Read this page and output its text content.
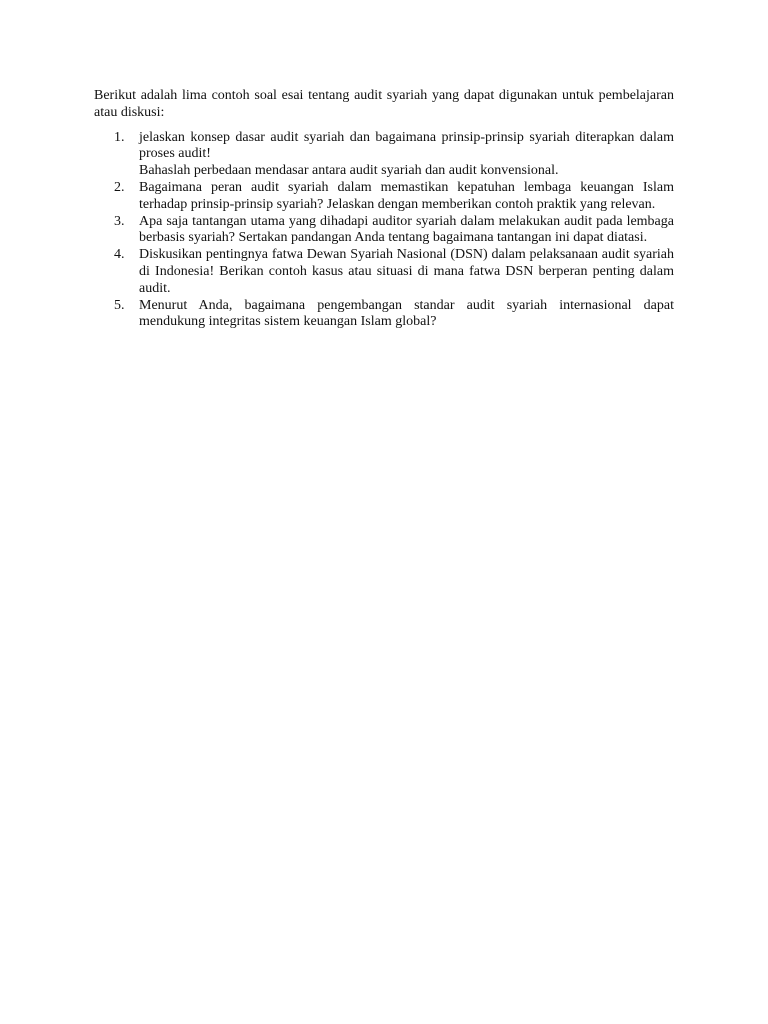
Berikut adalah lima contoh soal esai tentang audit syariah yang dapat digunakan untuk pembelajaran atau diskusi:

1. jelaskan konsep dasar audit syariah dan bagaimana prinsip-prinsip syariah diterapkan dalam proses audit!
Bahaslah perbedaan mendasar antara audit syariah dan audit konvensional.
2. Bagaimana peran audit syariah dalam memastikan kepatuhan lembaga keuangan Islam terhadap prinsip-prinsip syariah? Jelaskan dengan memberikan contoh praktik yang relevan.
3. Apa saja tantangan utama yang dihadapi auditor syariah dalam melakukan audit pada lembaga berbasis syariah? Sertakan pandangan Anda tentang bagaimana tantangan ini dapat diatasi.
4. Diskusikan pentingnya fatwa Dewan Syariah Nasional (DSN) dalam pelaksanaan audit syariah di Indonesia! Berikan contoh kasus atau situasi di mana fatwa DSN berperan penting dalam audit.
5. Menurut Anda, bagaimana pengembangan standar audit syariah internasional dapat mendukung integritas sistem keuangan Islam global?
